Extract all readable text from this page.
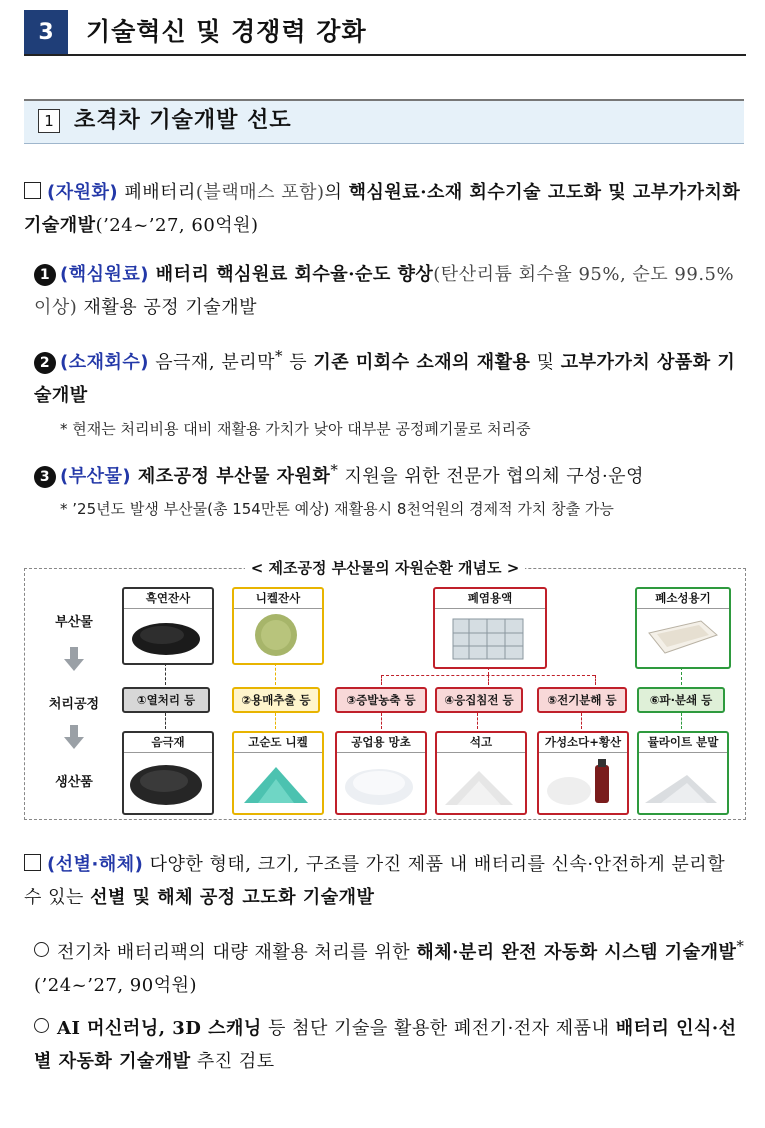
3	기술혁신 및 경쟁력 강화
1 초격차 기술개발 선도
(자원화) 폐배터리(블랙매스 포함)의 핵심원료·소재 회수기술 고도화 및 고부가가치화 기술개발(’24~’27, 60억원)
1 (핵심원료) 배터리 핵심원료 회수율·순도 향상(탄산리튬 회수율 95%, 순도 99.5% 이상) 재활용 공정 기술개발
2 (소재회수) 음극재, 분리막* 등 기존 미회수 소재의 재활용 및 고부가가치 상품화 기술개발
* 현재는 처리비용 대비 재활용 가치가 낮아 대부분 공정폐기물로 처리중
3 (부산물) 제조공정 부산물 자원화* 지원을 위한 전문가 협의체 구성·운영
* ’25년도 발생 부산물(총 154만톤 예상) 재활용시 8천억원의 경제적 가치 창출 가능
< 제조공정 부산물의 자원순환 개념도 >
부산물
처리공정
생산품
흑연잔사	니켈잔사	폐염용액	폐소성용기
①열처리 등	②용매추출 등	③증발농축 등	④응집침전 등	⑤전기분해 등	⑥파·분쇄 등
음극재	고순도 니켈	공업용 망초	석고	가성소다+황산	뮬라이트 분말
(선별·해체) 다양한 형태, 크기, 구조를 가진 제품 내 배터리를 신속·안전하게 분리할 수 있는 선별 및 해체 공정 고도화 기술개발
전기차 배터리팩의 대량 재활용 처리를 위한 해체·분리 완전 자동화 시스템 기술개발*(’24~’27, 90억원)
AI 머신러닝, 3D 스캐닝 등 첨단 기술을 활용한 폐전기·전자 제품내 배터리 인식·선별 자동화 기술개발 추진 검토
